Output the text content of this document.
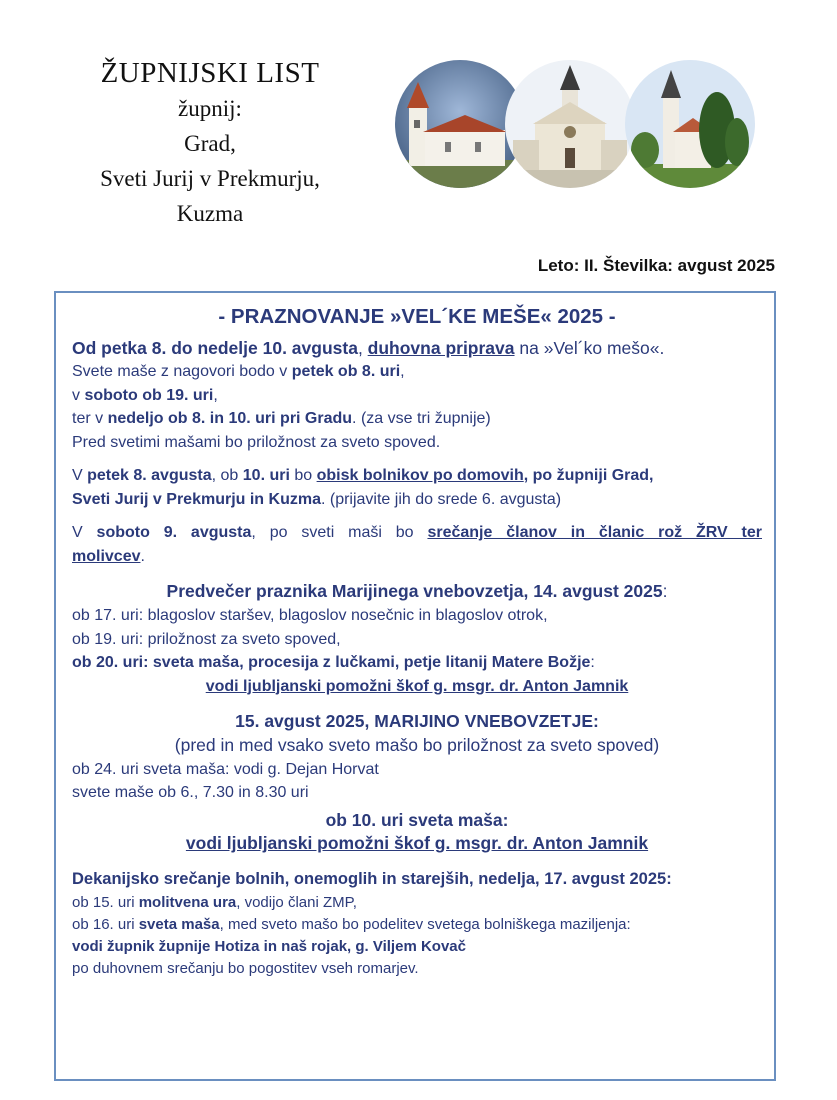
ŽUPNIJSKI LIST
župnij:
Grad,
Sveti Jurij v Prekmurju,
Kuzma
Leto: II. Številka: avgust 2025
- PRAZNOVANJE »VEL´KE MEŠE« 2025 -

Od petka 8. do nedelje 10. avgusta, duhovna priprava na »Vel´ko mešo«.

Svete maše z nagovori bodo v petek ob 8. uri,

v soboto ob 19. uri,

ter v nedeljo ob 8. in 10. uri pri Gradu. (za vse tri župnije)

Pred svetimi mašami bo priložnost za sveto spoved.

V petek 8. avgusta, ob 10. uri bo obisk bolnikov po domovih, po župniji Grad,

Sveti Jurij v Prekmurju in Kuzma. (prijavite jih do srede 6. avgusta)

V soboto 9. avgusta, po sveti maši bo srečanje članov in članic rož ŽRV ter

molivcev.

Predvečer praznika Marijinega vnebovzetja, 14. avgust 2025:

ob 17. uri: blagoslov staršev, blagoslov nosečnic in blagoslov otrok,

ob 19. uri: priložnost za sveto spoved,

ob 20. uri: sveta maša, procesija z lučkami, petje litanij Matere Božje:

vodi ljubljanski pomožni škof g. msgr. dr. Anton Jamnik

15. avgust 2025, MARIJINO VNEBOVZETJE:

(pred in med vsako sveto mašo bo priložnost za sveto spoved)

ob 24. uri sveta maša: vodi g. Dejan Horvat

svete maše ob 6., 7.30 in 8.30 uri

ob 10. uri sveta maša:

vodi ljubljanski pomožni škof g. msgr. dr. Anton Jamnik

Dekanijsko srečanje bolnih, onemoglih in starejših, nedelja, 17. avgust 2025:

ob 15. uri molitvena ura, vodijo člani ZMP,

ob 16. uri sveta maša, med sveto mašo bo podelitev svetega bolniškega maziljenja:

vodi župnik župnije Hotiza in naš rojak, g. Viljem Kovač

po duhovnem srečanju bo pogostitev vseh romarjev.
